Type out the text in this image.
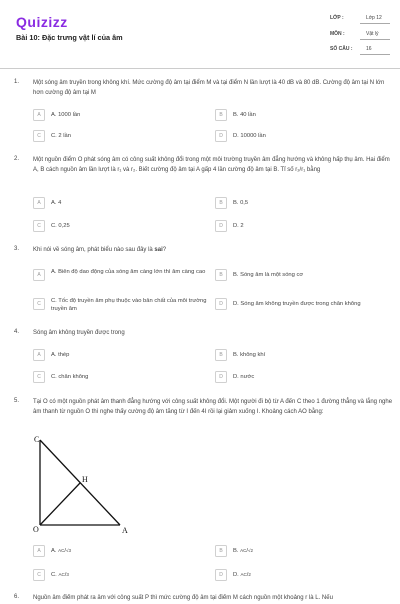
Quizizz
Bài 10: Đặc trưng vật lí của âm
LỚP :	Lớp 12
MÔN :	Vật lý
SỐ CÂU :	16
1. Một sóng âm truyền trong không khí. Mức cường độ âm tại điểm M và tại điểm N lần lượt là 40 dB và 80 dB. Cường độ âm tại N lớn hơn cường độ âm tại M
A	A. 1000 lần	B	B. 40 lần
C	C. 2 lần	D	D. 10000 lần
2. Một nguồn điểm O phát sóng âm có công suất không đổi trong một môi trường truyền âm đẳng hướng và không hấp thụ âm. Hai điểm A, B cách nguồn âm lần lượt là r₁ và r₂. Biết cường độ âm tại A gấp 4 lần cường độ âm tại B. Tỉ số r₂/r₁ bằng
A	A. 4	B	B. 0,5
C	C. 0,25	D	D. 2
3. Khi nói về sóng âm, phát biểu nào sau đây là sai?
A	A. Biên độ dao động của sóng âm càng lớn thì âm càng cao	B	B. Sóng âm là một sóng cơ
C	C. Tốc độ truyền âm phụ thuộc vào bản chất của môi trường truyền âm
D	D. Sóng âm không truyền được trong chân không
4. Sóng âm không truyền được trong
A	A. thép	B	B. không khí
C	C. chân không	D	D. nước
5. Tại O có một nguồn phát âm thanh đẳng hướng với công suất không đổi. Một người đi bộ từ A đến C theo 1 đường thẳng và lắng nghe âm thanh từ nguồn O thì nghe thấy cường độ âm tăng từ I đến 4I rồi lại giảm xuống I. Khoảng cách AO bằng:
C
H
O	A
A	A. AC/√3	B	B. AC/√2
C	C. AC/3	D	D. AC/2
6. Nguồn âm điểm phát ra âm với công suất P thì mức cường độ âm tại điểm M cách nguồn một khoảng r là L. Nếu
